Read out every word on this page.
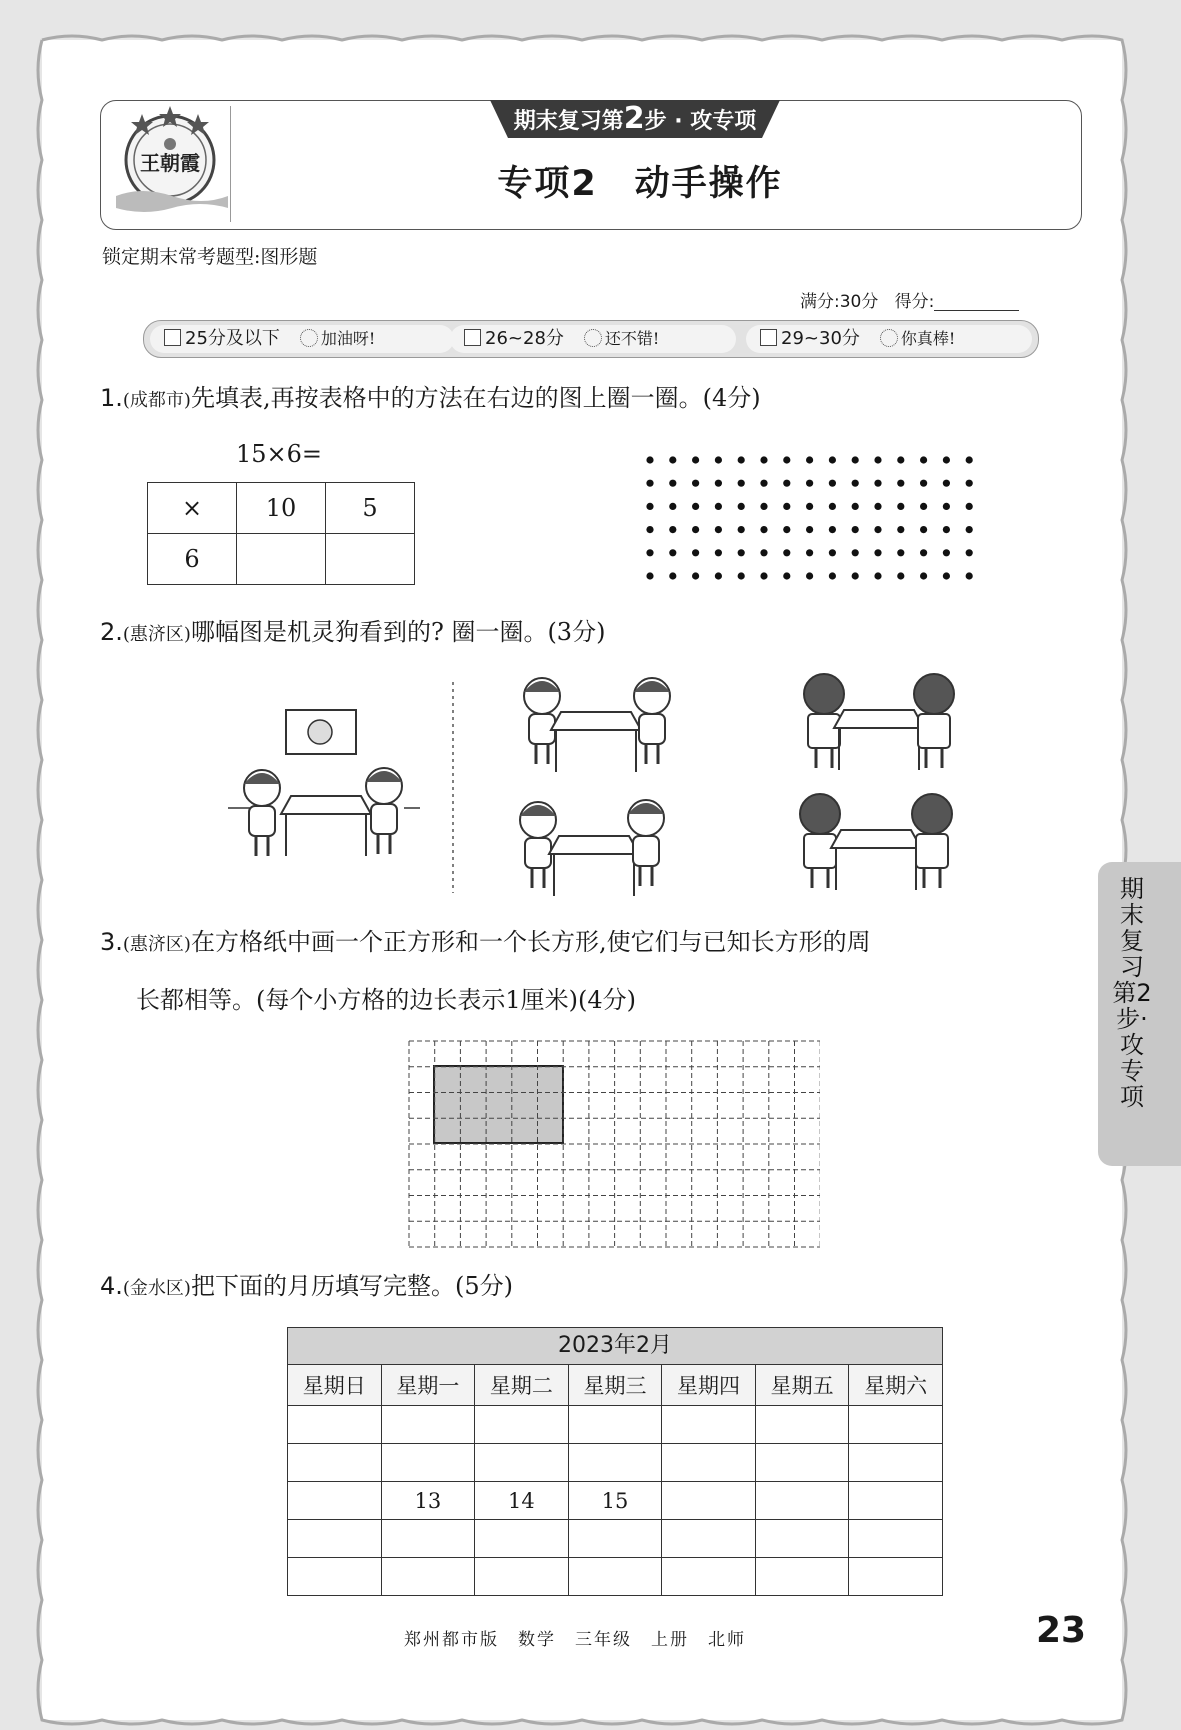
王朝霞
期末复习第2步 · 攻专项
专项2　动手操作
锁定期末常考题型:图形题
满分:30分 得分:
25分及以下	加油呀!	26~28分	还不错!	29~30分	你真棒!
1.(成都市)先填表,再按表格中的方法在右边的图上圈一圈。(4分)
15×6=
×	10	5
6		
2.(惠济区)哪幅图是机灵狗看到的? 圈一圈。(3分)
3.(惠济区)在方格纸中画一个正方形和一个长方形,使它们与已知长方形的周
长都相等。(每个小方格的边长表示1厘米)(4分)
4.(金水区)把下面的月历填写完整。(5分)
2023年2月
星期日	星期一	星期二	星期三	星期四	星期五	星期六

	13	14	15			

期末复习第2步·攻专项
郑州都市版　数学　三年级　上册　北师	23
